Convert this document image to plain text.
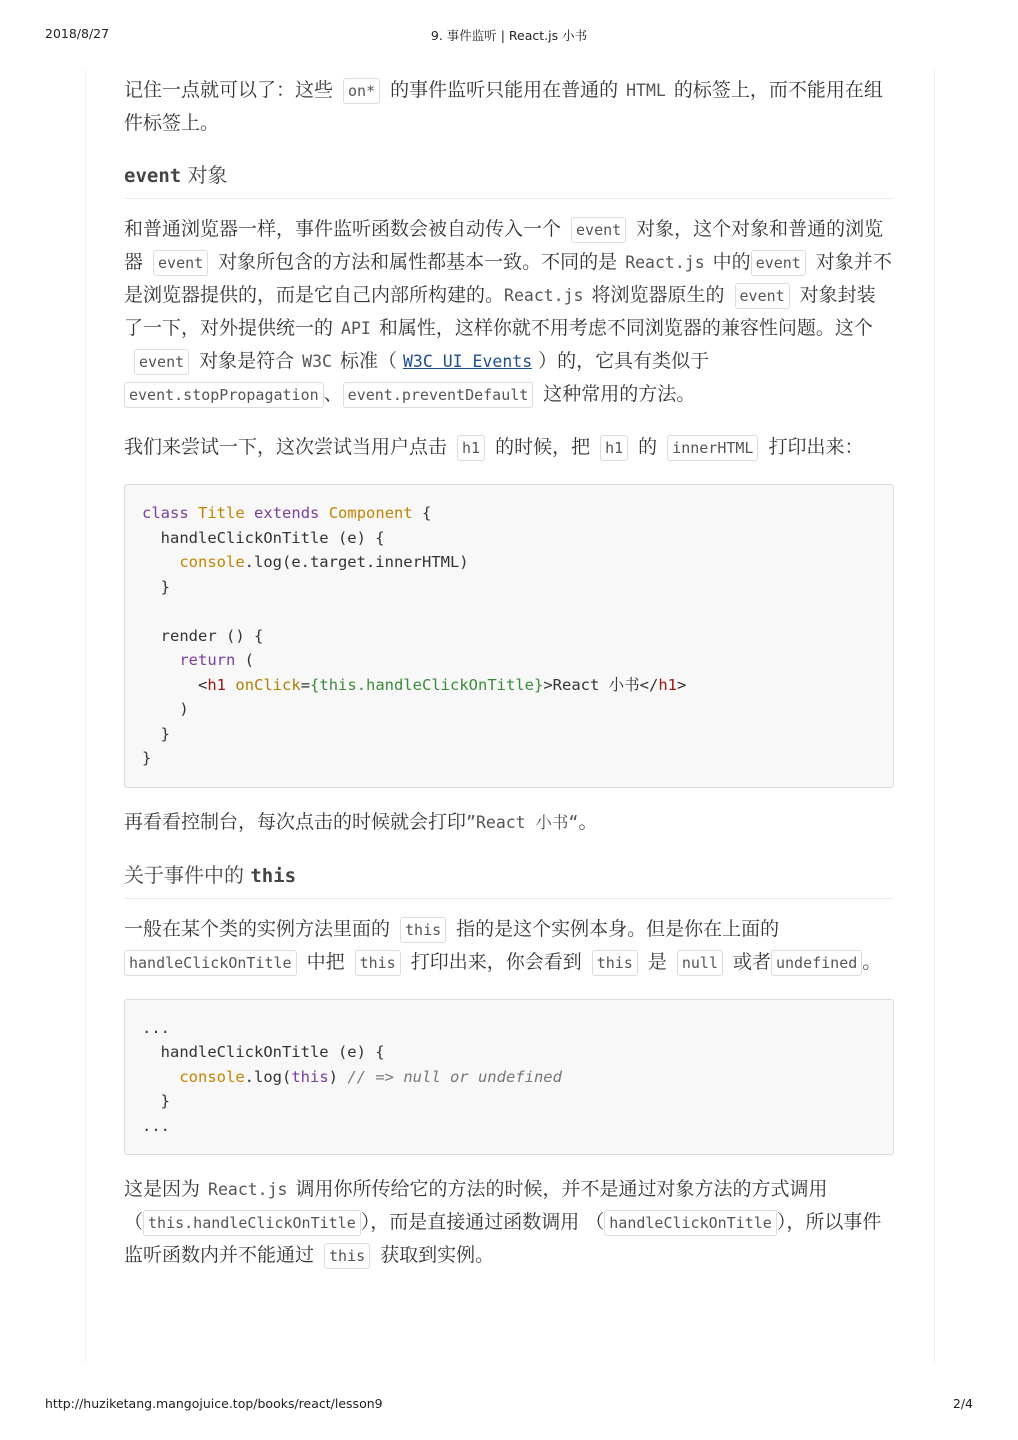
2018/8/27	9. 事件监听 | React.js 小书

记住一点就可以了：这些 on* 的事件监听只能用在普通的 HTML 的标签上，而不能用在组件标签上。

event 对象

和普通浏览器一样，事件监听函数会被自动传入一个 event 对象，这个对象和普通的浏览器 event 对象所包含的方法和属性都基本一致。不同的是 React.js 中的 event 对象并不是浏览器提供的，而是它自己内部所构建的。React.js 将浏览器原生的 event 对象封装了一下，对外提供统一的 API 和属性，这样你就不用考虑不同浏览器的兼容性问题。这个event 对象是符合 W3C 标准（ W3C UI Events ）的，它具有类似于event.stopPropagation 、 event.preventDefault 这种常用的方法。

我们来尝试一下，这次尝试当用户点击 h1 的时候，把 h1 的 innerHTML 打印出来：

class Title extends Component {
handleClickOnTitle (e) {
console.log(e.target.innerHTML)
}

render () {
return (
<h1 onClick={this.handleClickOnTitle}>React 小书</h1>
)
}
}

再看看控制台，每次点击的时候就会打印”React 小书“。

关于事件中的 this

一般在某个类的实例方法里面的 this 指的是这个实例本身。但是你在上面的handleClickOnTitle 中把 this 打印出来，你会看到 this 是 null 或者 undefined 。

...
handleClickOnTitle (e) {
console.log(this) // => null or undefined
}
...

这是因为 React.js 调用你所传给它的方法的时候，并不是通过对象方法的方式调用（ this.handleClickOnTitle ），而是直接通过函数调用 （ handleClickOnTitle ），所以事件监听函数内并不能通过 this 获取到实例。

http://huziketang.mangojuice.top/books/react/lesson9	2/4
